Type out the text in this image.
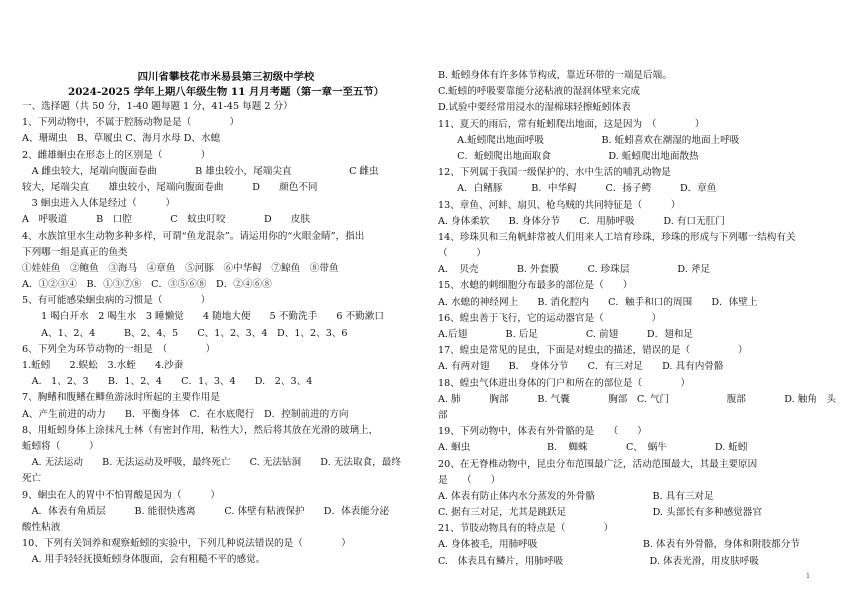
四川省攀枝花市米易县第三初级中学校
2024-2025 学年上期八年级生物 11 月月考题（第一章一至五节）
一、选择题（共 50 分，1-40 题每题 1 分，41-45 每题 2 分）
1、下列动物中，不属于腔肠动物是是（　　　　）
A、珊瑚虫　B、草履虫 C、海月水母 D、水螅
2、雌雄蛔虫在形态上的区别是（　　　　）
　A 雌虫较大，尾端向腹面卷曲　　　　B 雄虫较小，尾端尖直　　　　　　C 雌虫
较大，尾端尖直　　雄虫较小，尾端向腹面卷曲　　　D　　颜色不同
　3 蛔虫进入人体是经过（　　　）
A　呼吸道　　　B　口腔　　　　C　蚊虫叮咬　　　　D　　皮肤
4、水族馆里水生动物多种多样，可谓“鱼龙混杂”。请运用你的“火眼金睛”，指出
下列哪一组是真正的鱼类
①娃娃鱼　②鲍鱼　③海马　④章鱼　⑤河豚　⑥中华鲟　⑦鲸鱼　⑧带鱼
A．①②③④　B．①③⑦⑧　C．③⑤⑥⑧　D．②④⑥⑧
5、有可能感染蛔虫病的习惯是（　　　　）
　　1 喝白开水　2 喝生水　3 睡懒觉　　4 随地大便　　5 不勤洗手　　6 不勤漱口
　　A、1、2、4　　　B、2、4、5　　C、1、2、3、4　D、1、2、3、6
6、下列全为环节动物的一组是　（　　　　）
1.蚯蚓　　2.蜈蚣　3.水蛭　　4.沙蚕
　A.　1、2、3　　B．1、2、4　　C．1、3、4　　D.　2、3、4
7、胸鳍和腹鳍在鲫鱼游泳时所起的主要作用是
A、产生前进的动力　　B．平衡身体　C．在水底爬行　D．控制前进的方向
8、用蚯蚓身体上涂抹凡士林（有密封作用，粘性大），然后将其放在光滑的玻璃上，
蚯蚓将（　　　）
　A. 无法运动　　B. 无法运动及呼吸，最终死亡　　C. 无法钻洞　　D. 无法取食，最终
死亡
9、蛔虫在人的胃中不怕胃酸是因为（　　　）
　A．体表有角质层　　　B. 能很快逃离　　　C. 体壁有粘液保护　　D．体表能分泌
酸性粘液
10、下列有关饲养和观察蚯蚓的实验中，下列几种说法错误的是（　　　　）
　A. 用手轻轻抚摸蚯蚓身体腹面，会有粗糙不平的感觉。
B. 蚯蚓身体有许多体节构成，靠近环带的一端是后端。
C.蚯蚓的呼吸要靠能分泌粘液的湿润体壁来完成
D.试验中要经常用浸水的湿棉球轻擦蚯蚓体表
11、夏天的雨后，常有蚯蚓爬出地面，这是因为　（　　　　）
　　A.蚯蚓爬出地面呼吸　　　　　　B. 蚯蚓喜欢在潮湿的地面上呼吸
　　C．蚯蚓爬出地面取食　　　　　　D. 蚯蚓爬出地面散热
12、下列属于我国一级保护的、水中生活的哺乳动物是
　　A．白鳍豚　　　B．中华鲟　　　C．扬子鳄　　　D．章鱼
13、章鱼、河蚌、扇贝、枪乌贼的共同特征是（　　　）
A. 身体柔软　　B. 身体分节　　C．用肺呼吸　　　D. 有口无肛门
14、珍珠贝和三角帆蚌常被人们用来人工培育珍珠，珍珠的形成与下列哪一结构有关
（　　　）
A．　贝壳　　　　B. 外套膜　　　C. 珍珠层　　　　　D. 斧足
15、水螅的刺细胞分布最多的部位是（　　）
A. 水螅的神经网上　　B. 消化腔内　　C．触手和口的周围　　D．体壁上
16、蝗虫善于飞行，它的运动器官是（　　　　　）
A.后翅　　　　B. 后足　　　　　C. 前翅　　　D．翅和足
17、蝗虫是常见的昆虫，下面是对蝗虫的描述，错误的是（　　　　　）
A. 有两对翅　　B．　身体分节　　C．有三对足　　D. 具有内骨骼
18、蝗虫气体进出身体的门户和所在的部位是（　　　　）
A. 肺　　　胸部　　　B. 气囊　　　　胸部　C. 气门　　　　　　腹部　　　　D. 触角　头
部
19、下列动物中，体表有外骨骼的是　　（　　）
A. 蛔虫　　　　　　　　B．　蜘蛛　　　　C、　蜗牛　　　　　D. 蚯蚓
20、在无脊椎动物中，昆虫分布范围最广泛，活动范围最大，其最主要原因
是　　（　　）
A. 体表有防止体内水分蒸发的外骨骼　　　　　　B. 具有三对足
C. 据有三对足，尤其是跳跃足　　　　　　　　　D. 头部长有多种感觉器官
21、节肢动物具有的特点是（　　　　）
A. 身体被毛，用肺呼吸　　　　　　　　　　　B. 体表有外骨骼，身体和附肢都分节
C.　体表具有鳞片，用肺呼吸　　　　　　　　　D. 体表光滑，用皮肤呼吸
1
